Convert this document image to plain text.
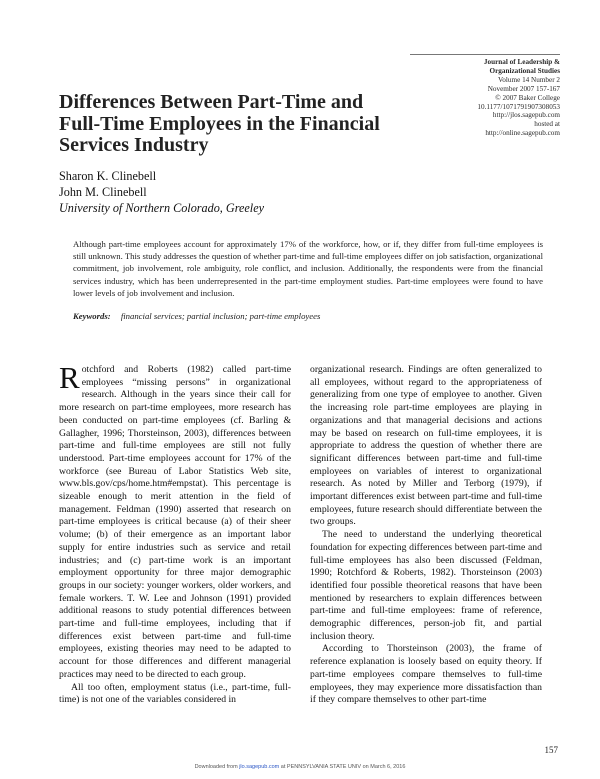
Journal of Leadership &
Organizational Studies
Volume 14 Number 2
November 2007 157-167
© 2007 Baker College
10.1177/1071791907308053
http://jlos.sagepub.com
hosted at
http://online.sagepub.com
Differences Between Part-Time and Full-Time Employees in the Financial Services Industry
Sharon K. Clinebell
John M. Clinebell
University of Northern Colorado, Greeley
Although part-time employees account for approximately 17% of the workforce, how, or if, they differ from full-time employees is still unknown. This study addresses the question of whether part-time and full-time employees differ on job satisfaction, organizational commitment, job involvement, role ambiguity, role conflict, and inclusion. Additionally, the respondents were from the financial services industry, which has been underrepresented in the part-time employment studies. Part-time employees were found to have lower levels of job involvement and inclusion.
Keywords: financial services; partial inclusion; part-time employees

Rotchford and Roberts (1982) called part-time employees “missing persons” in organizational research. Although in the years since their call for more research on part-time employees, more research has been conducted on part-time employees (cf. Barling & Gallagher, 1996; Thorsteinson, 2003), differences between part-time and full-time employees are still not fully understood. Part-time employees account for 17% of the workforce (see Bureau of Labor Statistics Web site, www.bls.gov/cps/home.htm#empstat). This percentage is sizeable enough to merit attention in the field of management. Feldman (1990) asserted that research on part-time employees is critical because (a) of their sheer volume; (b) of their emergence as an important labor supply for entire industries such as service and retail industries; and (c) part-time work is an important employment opportunity for three major demographic groups in our society: younger workers, older workers, and female workers. T. W. Lee and Johnson (1991) provided additional reasons to study potential differences between part-time and full-time employees, including that if differences exist between part-time and full-time employees, existing theories may need to be adapted to account for those differences and different managerial practices may need to be directed to each group.

All too often, employment status (i.e., part-time, full-time) is not one of the variables considered in

organizational research. Findings are often generalized to all employees, without regard to the appropriateness of generalizing from one type of employee to another. Given the increasing role part-time employees are playing in organizations and that managerial decisions and actions may be based on research on full-time employees, it is appropriate to address the question of whether there are significant differences between part-time and full-time employees on variables of interest to organizational research. As noted by Miller and Terborg (1979), if important differences exist between part-time and full-time employees, future research should differentiate between the two groups.

The need to understand the underlying theoretical foundation for expecting differences between part-time and full-time employees has also been discussed (Feldman, 1990; Rotchford & Roberts, 1982). Thorsteinson (2003) identified four possible theoretical reasons that have been mentioned by researchers to explain differences between part-time and full-time employees: frame of reference, demographic differences, person-job fit, and partial inclusion theory.

According to Thorsteinson (2003), the frame of reference explanation is loosely based on equity theory. If part-time employees compare themselves to full-time employees, they may experience more dissatisfaction than if they compare themselves to other part-time

157
Downloaded from jlo.sagepub.com at PENNSYLVANIA STATE UNIV on March 6, 2016
